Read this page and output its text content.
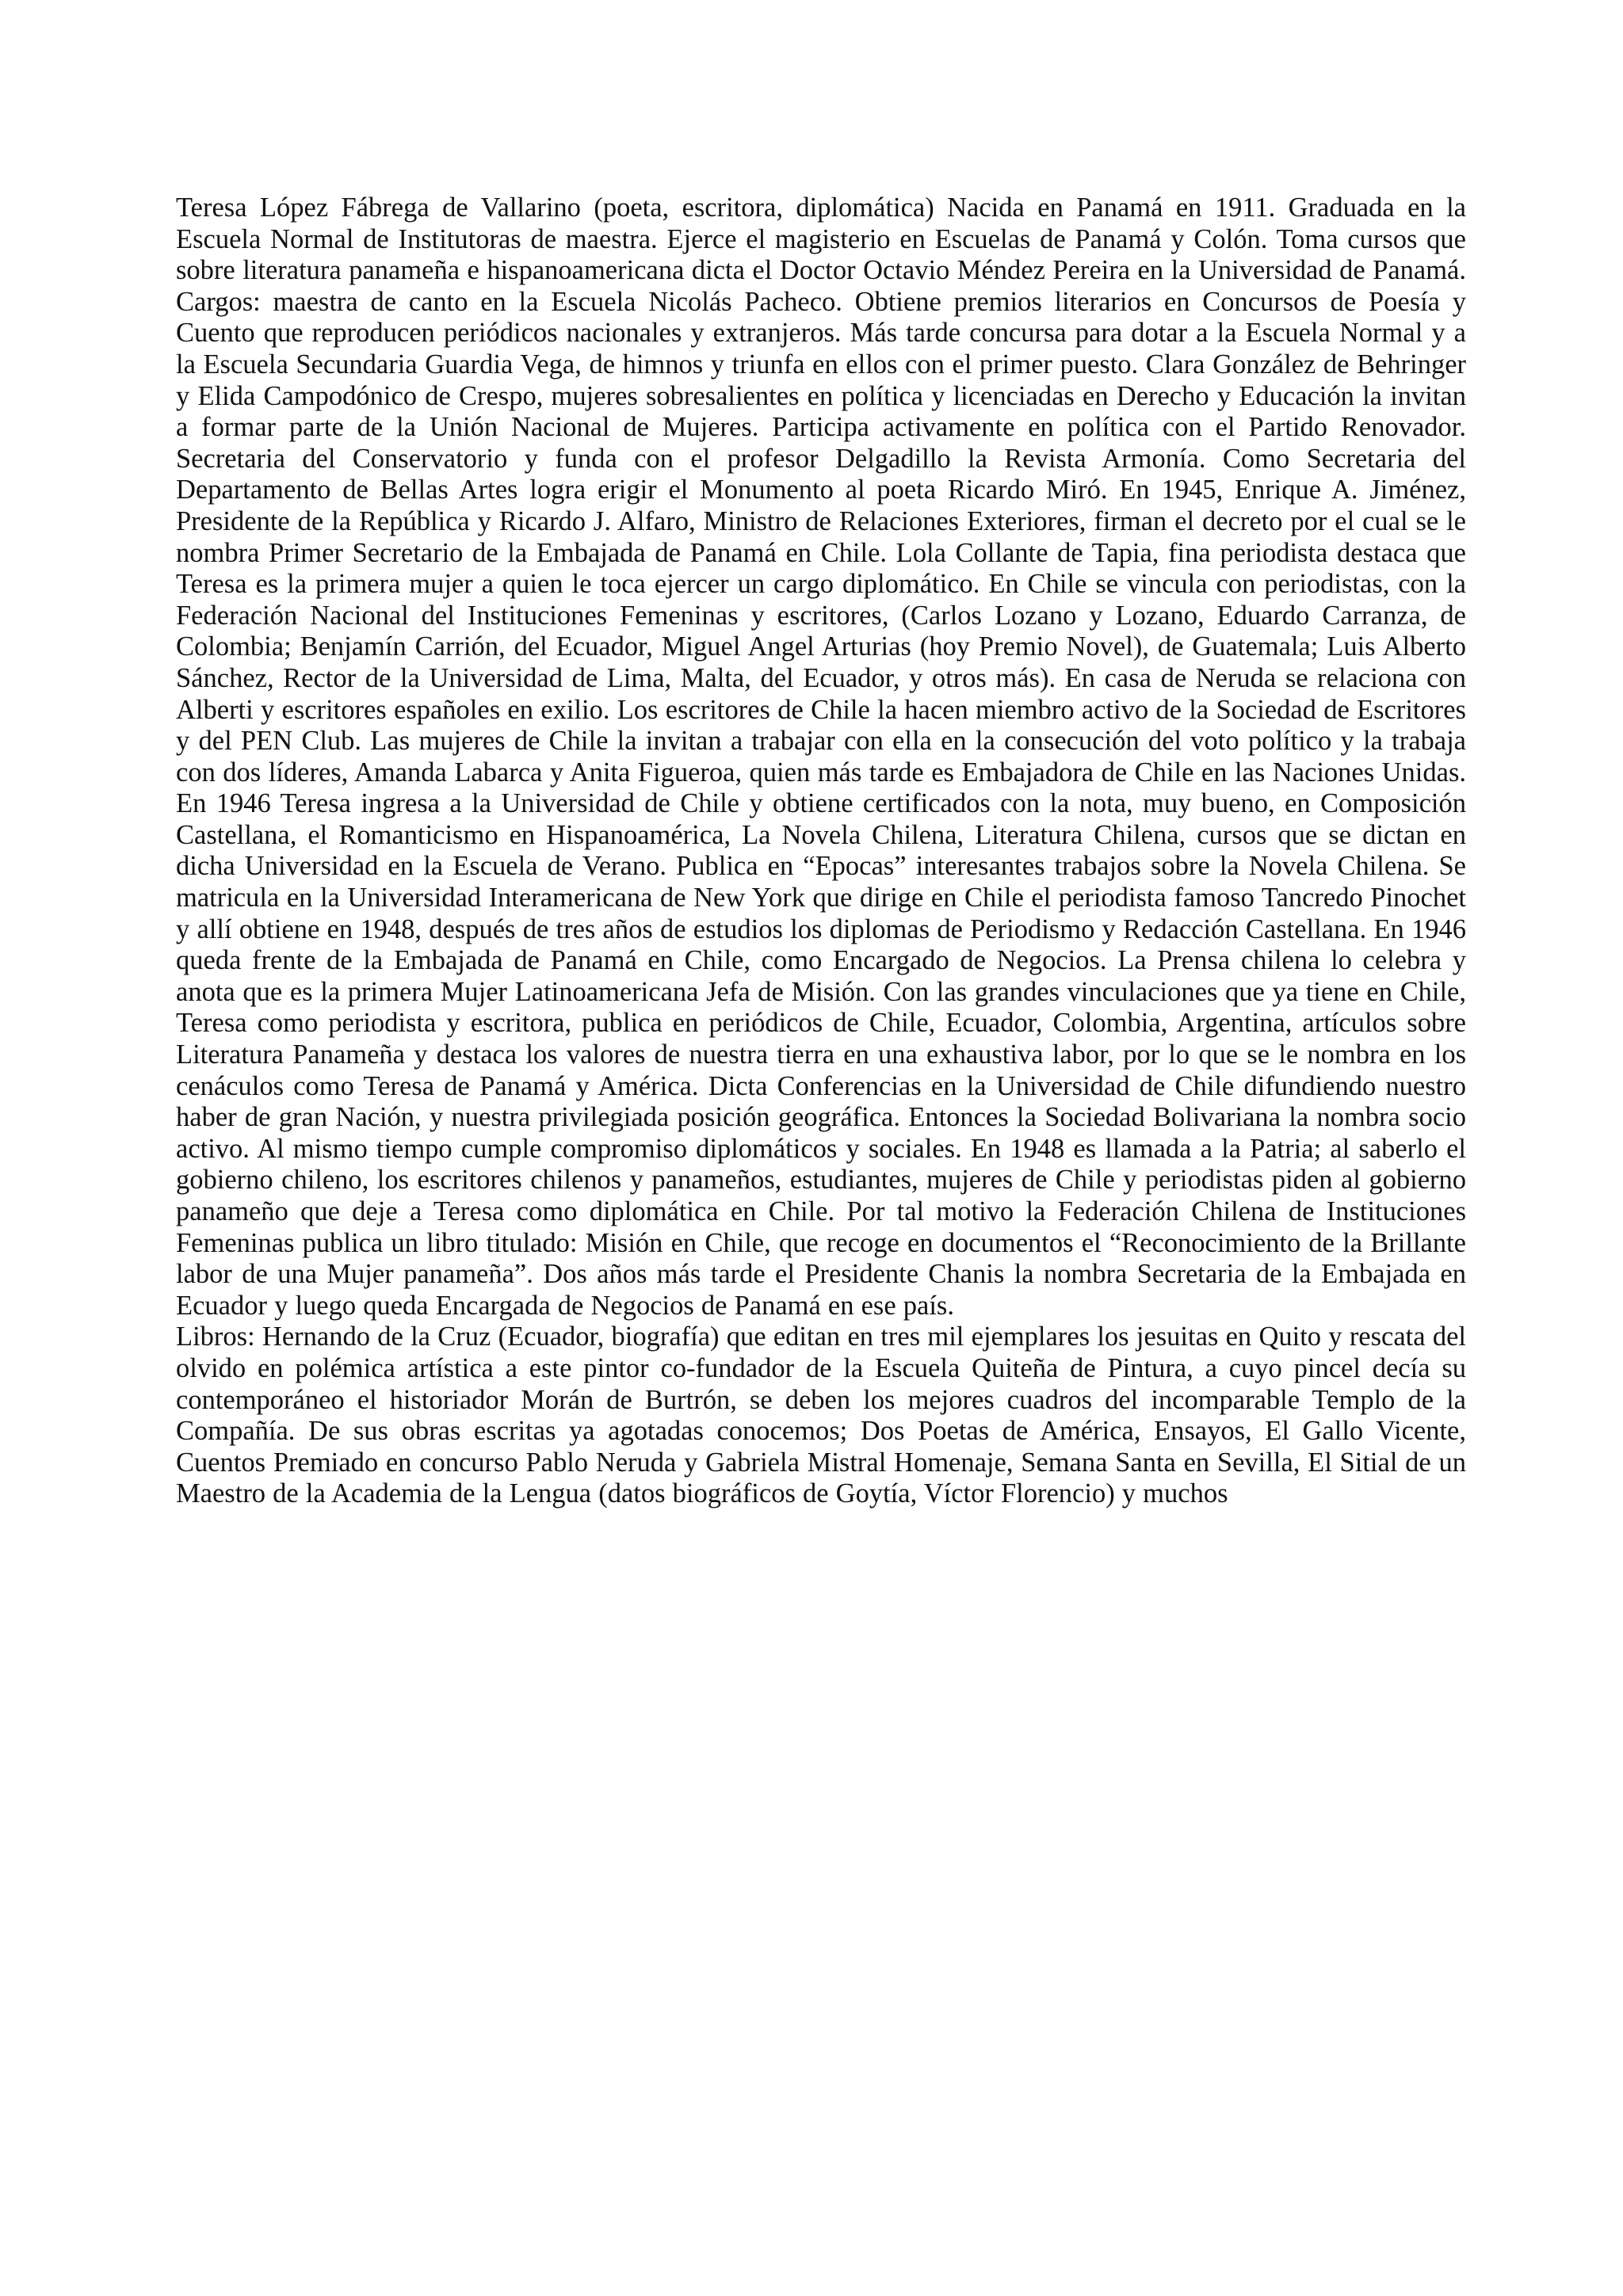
Teresa López Fábrega de Vallarino (poeta, escritora, diplomática) Nacida en Panamá en 1911. Graduada en la Escuela Normal de Institutoras de maestra. Ejerce el magisterio en Escuelas de Panamá y Colón. Toma cursos que sobre literatura panameña e hispanoamericana dicta el Doctor Octavio Méndez Pereira en la Universidad de Panamá. Cargos: maestra de canto en la Escuela Nicolás Pacheco. Obtiene premios literarios en Concursos de Poesía y Cuento que reproducen periódicos nacionales y extranjeros. Más tarde concursa para dotar a la Escuela Normal y a la Escuela Secundaria Guardia Vega, de himnos y triunfa en ellos con el primer puesto. Clara González de Behringer y Elida Campodónico de Crespo, mujeres sobresalientes en política y licenciadas en Derecho y Educación la invitan a formar parte de la Unión Nacional de Mujeres. Participa activamente en política con el Partido Renovador. Secretaria del Conservatorio y funda con el profesor Delgadillo la Revista Armonía. Como Secretaria del Departamento de Bellas Artes logra erigir el Monumento al poeta Ricardo Miró. En 1945, Enrique A. Jiménez, Presidente de la República y Ricardo J. Alfaro, Ministro de Relaciones Exteriores, firman el decreto por el cual se le nombra Primer Secretario de la Embajada de Panamá en Chile. Lola Collante de Tapia, fina periodista destaca que Teresa es la primera mujer a quien le toca ejercer un cargo diplomático. En Chile se vincula con periodistas, con la Federación Nacional del Instituciones Femeninas y escritores, (Carlos Lozano y Lozano, Eduardo Carranza, de Colombia; Benjamín Carrión, del Ecuador, Miguel Angel Arturias (hoy Premio Novel), de Guatemala; Luis Alberto Sánchez, Rector de la Universidad de Lima, Malta, del Ecuador, y otros más). En casa de Neruda se relaciona con Alberti y escritores españoles en exilio. Los escritores de Chile la hacen miembro activo de la Sociedad de Escritores y del PEN Club. Las mujeres de Chile la invitan a trabajar con ella en la consecución del voto político y la trabaja con dos líderes, Amanda Labarca y Anita Figueroa, quien más tarde es Embajadora de Chile en las Naciones Unidas. En 1946 Teresa ingresa a la Universidad de Chile y obtiene certificados con la nota, muy bueno, en Composición Castellana, el Romanticismo en Hispanoamérica, La Novela Chilena, Literatura Chilena, cursos que se dictan en dicha Universidad en la Escuela de Verano. Publica en “Epocas” interesantes trabajos sobre la Novela Chilena. Se matricula en la Universidad Interamericana de New York que dirige en Chile el periodista famoso Tancredo Pinochet y allí obtiene en 1948, después de tres años de estudios los diplomas de Periodismo y Redacción Castellana. En 1946 queda frente de la Embajada de Panamá en Chile, como Encargado de Negocios. La Prensa chilena lo celebra y anota que es la primera Mujer Latinoamericana Jefa de Misión. Con las grandes vinculaciones que ya tiene en Chile, Teresa como periodista y escritora, publica en periódicos de Chile, Ecuador, Colombia, Argentina, artículos sobre Literatura Panameña y destaca los valores de nuestra tierra en una exhaustiva labor, por lo que se le nombra en los cenáculos como Teresa de Panamá y América. Dicta Conferencias en la Universidad de Chile difundiendo nuestro haber de gran Nación, y nuestra privilegiada posición geográfica. Entonces la Sociedad Bolivariana la nombra socio activo. Al mismo tiempo cumple compromiso diplomáticos y sociales. En 1948 es llamada a la Patria; al saberlo el gobierno chileno, los escritores chilenos y panameños, estudiantes, mujeres de Chile y periodistas piden al gobierno panameño que deje a Teresa como diplomática en Chile. Por tal motivo la Federación Chilena de Instituciones Femeninas publica un libro titulado: Misión en Chile, que recoge en documentos el “Reconocimiento de la Brillante labor de una Mujer panameña”. Dos años más tarde el Presidente Chanis la nombra Secretaria de la Embajada en Ecuador y luego queda Encargada de Negocios de Panamá en ese país.

Libros: Hernando de la Cruz (Ecuador, biografía) que editan en tres mil ejemplares los jesuitas en Quito y rescata del olvido en polémica artística a este pintor co-fundador de la Escuela Quiteña de Pintura, a cuyo pincel decía su contemporáneo el historiador Morán de Burtrón, se deben los mejores cuadros del incomparable Templo de la Compañía. De sus obras escritas ya agotadas conocemos; Dos Poetas de América, Ensayos, El Gallo Vicente, Cuentos Premiado en concurso Pablo Neruda y Gabriela Mistral Homenaje, Semana Santa en Sevilla, El Sitial de un Maestro de la Academia de la Lengua (datos biográficos de Goytía, Víctor Florencio) y muchos
